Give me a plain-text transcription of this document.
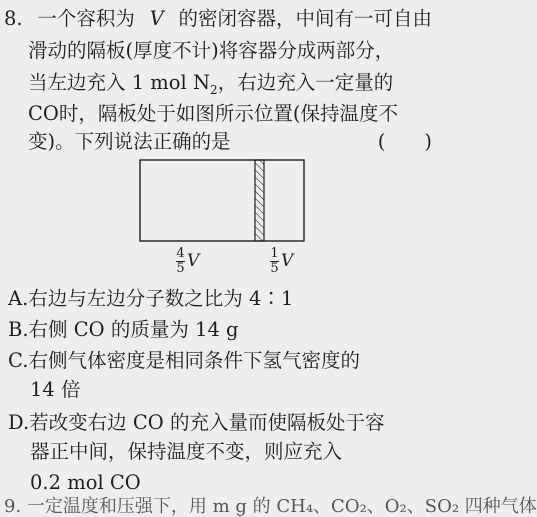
8. 一个容积为 V 的密闭容器，中间有一可自由
滑动的隔板(厚度不计)将容器分成两部分，
当左边充入 1 mol $N_2$，右边充入一定量的
CO时，隔板处于如图所示位置(保持温度不
变)。下列说法正确的是	(　　)
4
5 V	1
5 V
A.右边与左边分子数之比为 4∶1
B.右侧 CO 的质量为 14 g
C.右侧气体密度是相同条件下氢气密度的
14 倍
D.若改变右边 CO 的充入量而使隔板处于容
器正中间，保持温度不变，则应充入
0.2 mol CO
9. 一定温度和压强下，用 m g 的 CH₄、CO₂、O₂、SO₂ 四种气体
